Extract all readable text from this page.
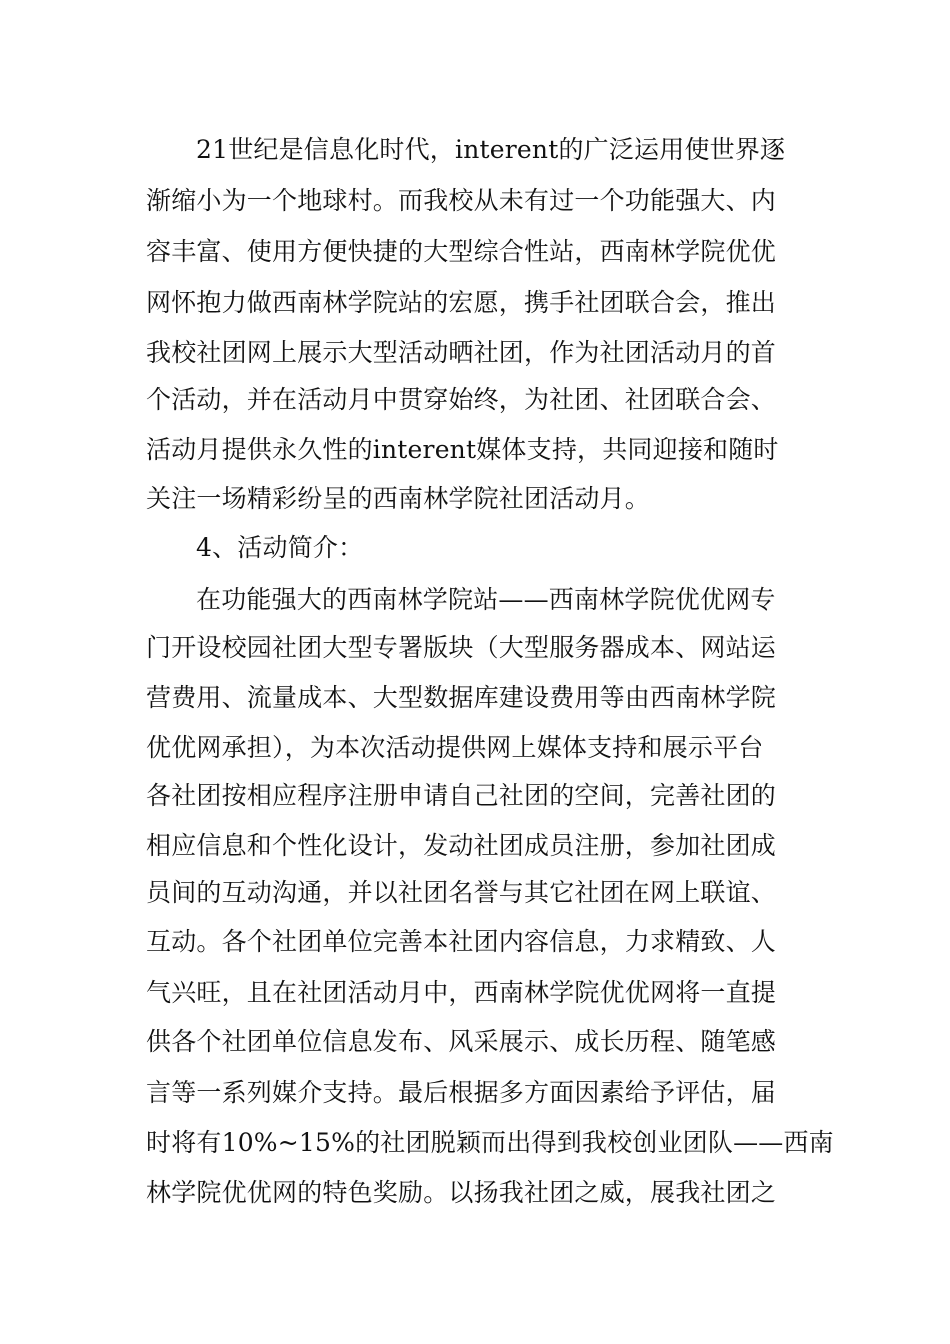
21世纪是信息化时代，interent的广泛运用使世界逐
渐缩小为一个地球村。而我校从未有过一个功能强大、内
容丰富、使用方便快捷的大型综合性站，西南林学院优优
网怀抱力做西南林学院站的宏愿，携手社团联合会，推出
我校社团网上展示大型活动晒社团，作为社团活动月的首
个活动，并在活动月中贯穿始终，为社团、社团联合会、
活动月提供永久性的interent媒体支持，共同迎接和随时
关注一场精彩纷呈的西南林学院社团活动月。
4、活动简介：
在功能强大的西南林学院站——西南林学院优优网专
门开设校园社团大型专署版块（大型服务器成本、网站运
营费用、流量成本、大型数据库建设费用等由西南林学院
优优网承担），为本次活动提供网上媒体支持和展示平台
各社团按相应程序注册申请自己社团的空间，完善社团的
相应信息和个性化设计，发动社团成员注册，参加社团成
员间的互动沟通，并以社团名誉与其它社团在网上联谊、
互动。各个社团单位完善本社团内容信息，力求精致、人
气兴旺，且在社团活动月中，西南林学院优优网将一直提
供各个社团单位信息发布、风采展示、成长历程、随笔感
言等一系列媒介支持。最后根据多方面因素给予评估，届
时将有10%~15%的社团脱颖而出得到我校创业团队——西南
林学院优优网的特色奖励。以扬我社团之威，展我社团之
